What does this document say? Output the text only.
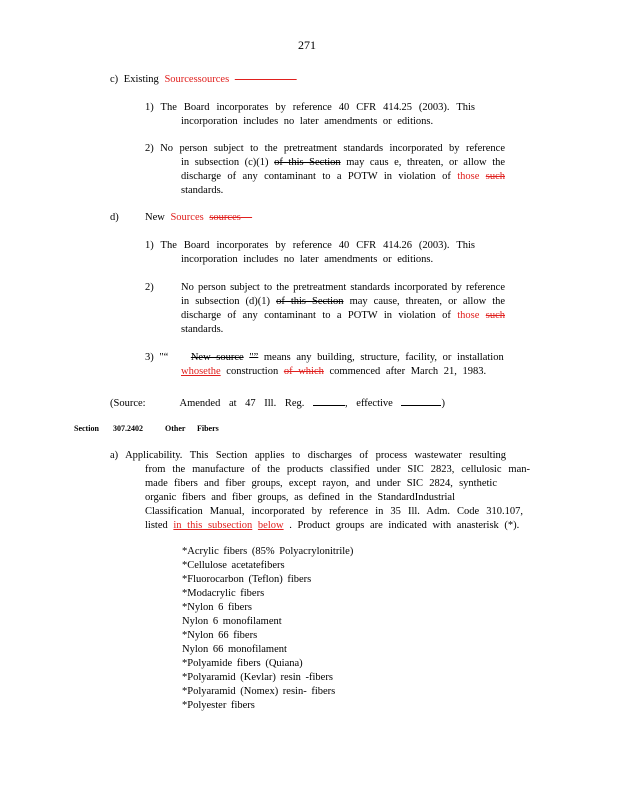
271
c) Existing Sourcessources
1) The Board incorporates by reference 40 CFR 414.25 (2003). This
incorporation includes no later amendments or editions.
2) No person subject to the pretreatment standards incorporated by reference
in subsection (c)(1) of this Section may caus e, threaten, or allow the
discharge of any contaminant to a POTW in violation of those such
standards.
d)	New Sources sources
1) The Board incorporates by reference 40 CFR 414.26 (2003). This
incorporation includes no later amendments or editions.
2)	No person subject to the pretreatment standards incorporated by reference
in subsection (d)(1) of this Section may cause, threaten, or allow the
discharge of any contaminant to a POTW in violation of those such
standards.
3) "“ New source "” means any building, structure, facility, or installation
whosethe construction of which commenced after March 21, 1983.
(Source:	Amended at 47 Ill. Reg.	, effective	)
Section 307.2402	Other Fibers
a) Applicability. This Section applies to discharges of process wastewater resulting
from the manufacture of the products classified under SIC 2823, cellulosic man-
made fibers and fiber groups, except rayon, and under SIC 2824, synthetic
organic fibers and fiber groups, as defined in the StandardIndustrial
Classification Manual, incorporated by reference in 35 Ill. Adm. Code 310.107,
listed in this subsection below . Product groups are indicated with anasterisk (*).
*Acrylic fibers (85% Polyacrylonitrile)
*Cellulose acetatefibers
*Fluorocarbon (Teflon) fibers
*Modacrylic fibers
*Nylon 6 fibers
Nylon 6 monofilament
*Nylon 66 fibers
Nylon 66 monofilament
*Polyamide fibers (Quiana)
*Polyaramid (Kevlar) resin -fibers
*Polyaramid (Nomex) resin- fibers
*Polyester fibers
